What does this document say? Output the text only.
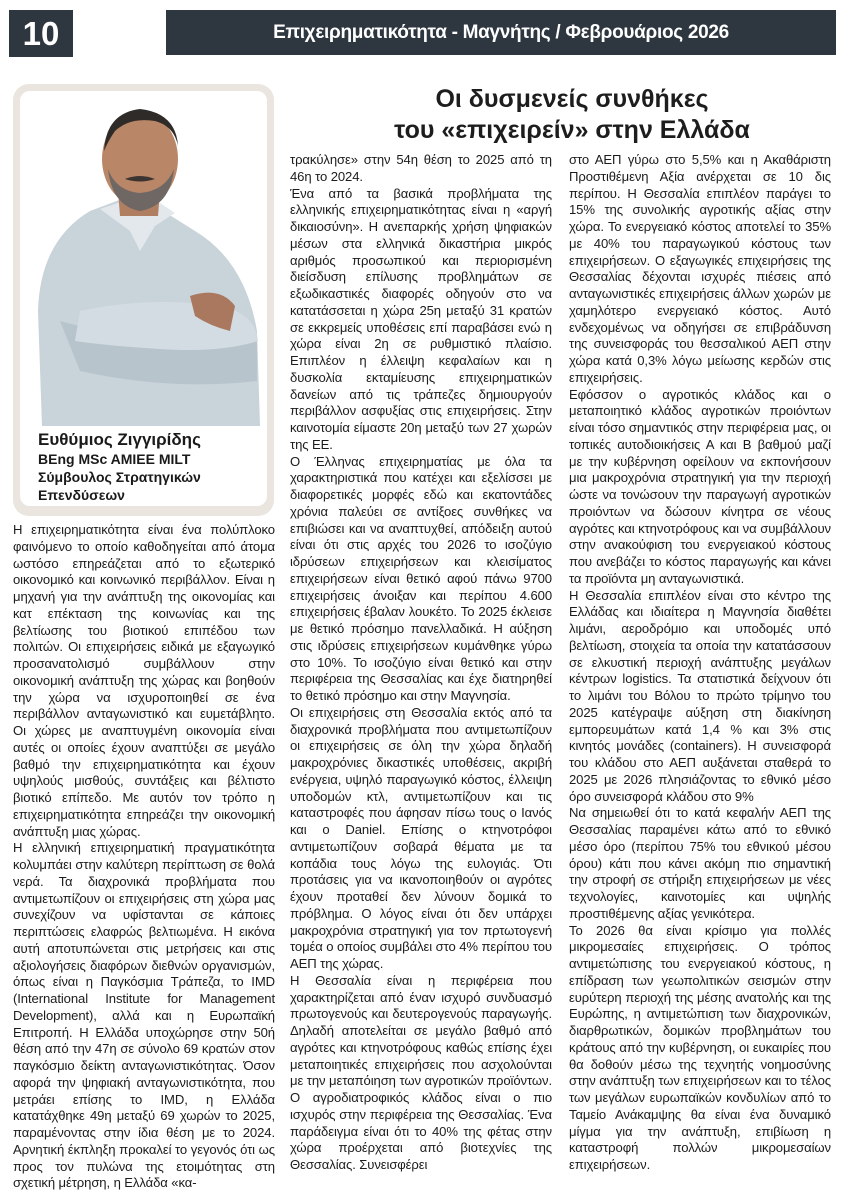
10	Επιχειρηματικότητα - Μαγνήτης / Φεβρουάριος 2026
Ευθύμιος Ζιγγιρίδης
BEng MSc AMIEE MILT
Σύμβουλος Στρατηγικών
Επενδύσεων
Οι δυσμενείς συνθήκες
του «επιχειρείν» στην Ελλάδα

Η επιχειρηματικότητα είναι ένα πολύπλοκο φαινόμενο το οποίο καθοδηγείται από άτομα ωστόσο επηρεάζεται από το εξωτερικό οικονομικό και κοινωνικό περιβάλλον. Είναι η μηχανή για την ανάπτυξη της οικονομίας και κατ επέκταση της κοινωνίας και της βελτίωσης του βιοτικού επιπέδου των πολιτών. Οι επιχειρήσεις ειδικά με εξαγωγικό προσανατολισμό συμβάλλουν στην οικονομική ανάπτυξη της χώρας και βοηθούν την χώρα να ισχυροποιηθεί σε ένα περιβάλλον ανταγωνιστικό και ευμετάβλητο. Οι χώρες με αναπτυγμένη οικονομία είναι αυτές οι οποίες έχουν αναπτύξει σε μεγάλο βαθμό την επιχειρηματικότητα και έχουν υψηλούς μισθούς, συντάξεις και βέλτιστο βιοτικό επίπεδο. Με αυτόν τον τρόπο η επιχειρηματικότητα επηρεάζει την οικονομική ανάπτυξη μιας χώρας.

Η ελληνική επιχειρηματική πραγματικότητα κολυμπάει στην καλύτερη περίπτωση σε θολά νερά. Τα διαχρονικά προβλήματα που αντιμετωπίζουν οι επιχειρήσεις στη χώρα μας συνεχίζουν να υφίστανται σε κάποιες περιπτώσεις ελαφρώς βελτιωμένα. Η εικόνα αυτή αποτυπώνεται στις μετρήσεις και στις αξιολογήσεις διαφόρων διεθνών οργανισμών, όπως είναι η Παγκόσμια Τράπεζα, το IMD (International Institute for Management Development), αλλά και η Ευρωπαϊκή Επιτροπή. Η Ελλάδα υποχώρησε στην 50ή θέση από την 47η σε σύνολο 69 κρατών στον παγκόσμιο δείκτη ανταγωνιστικότητας. Όσον αφορά την ψηφιακή ανταγωνιστικότητα, που μετράει επίσης το IMD, η Ελλάδα κατατάχθηκε 49η μεταξύ 69 χωρών το 2025, παραμένοντας στην ίδια θέση με το 2024. Αρνητική έκπληξη προκαλεί το γεγονός ότι ως προς τον πυλώνα της ετοιμότητας στη σχετική μέτρηση, η Ελλάδα «κα-

τρακύλησε» στην 54η θέση το 2025 από τη 46η το 2024.

Ένα από τα βασικά προβλήματα της ελληνικής επιχειρηματικότητας είναι η «αργή δικαιοσύνη». Η ανεπαρκής χρήση ψηφιακών μέσων στα ελληνικά δικαστήρια μικρός αριθμός προσωπικού και περιορισμένη διείσδυση επίλυσης προβλημάτων σε εξωδικαστικές διαφορές οδηγούν στο να κατατάσσεται η χώρα 25η μεταξύ 31 κρατών σε εκκρεμείς υποθέσεις επί παραβάσει ενώ η χώρα είναι 2η σε ρυθμιστικό πλαίσιο. Επιπλέον η έλλειψη κεφαλαίων και η δυσκολία εκταμίευσης επιχειρηματικών δανείων από τις τράπεζες δημιουργούν περιβάλλον ασφυξίας στις επιχειρήσεις. Στην καινοτομία είμαστε 20η μεταξύ των 27 χωρών της ΕΕ.

Ο Έλληνας επιχειρηματίας με όλα τα χαρακτηριστικά που κατέχει και εξελίσσει με διαφορετικές μορφές εδώ και εκατοντάδες χρόνια παλεύει σε αντίξοες συνθήκες να επιβιώσει και να αναπτυχθεί, απόδειξη αυτού είναι ότι στις αρχές του 2026 το ισοζύγιο ιδρύσεων επιχειρήσεων και κλεισίματος επιχειρήσεων είναι θετικό αφού πάνω 9700 επιχειρήσεις άνοιξαν και περίπου 4.600 επιχειρήσεις έβαλαν λουκέτο. Το 2025 έκλεισε με θετικό πρόσημο πανελλαδικά. Η αύξηση στις ιδρύσεις επιχειρήσεων κυμάνθηκε γύρω στο 10%. Το ισοζύγιο είναι θετικό και στην περιφέρεια της Θεσσαλίας και έχε διατηρηθεί το θετικό πρόσημο και στην Μαγνησία.

Οι επιχειρήσεις στη Θεσσαλία εκτός από τα διαχρονικά προβλήματα που αντιμετωπίζουν οι επιχειρήσεις σε όλη την χώρα δηλαδή μακροχρόνιες δικαστικές υποθέσεις, ακριβή ενέργεια, υψηλό παραγωγικό κόστος, έλλειψη υποδομών κτλ, αντιμετωπίζουν και τις καταστροφές που άφησαν πίσω τους ο Ιανός και ο Daniel. Επίσης ο κτηνοτρόφοι αντιμετωπίζουν σοβαρά θέματα με τα κοπάδια τους λόγω της ευλογιάς. Ότι προτάσεις για να ικανοποιηθούν οι αγρότες έχουν προταθεί δεν λύνουν δομικά το πρόβλημα. Ο λόγος είναι ότι δεν υπάρχει μακροχρόνια στρατηγική για τον πρτωτογενή τομέα ο οποίος συμβάλει στο 4% περίπου του ΑΕΠ της χώρας.

Η Θεσσαλία είναι η περιφέρεια που χαρακτηρίζεται από έναν ισχυρό συνδυασμό πρωτογενούς και δευτερογενούς παραγωγής. Δηλαδή αποτελείται σε μεγάλο βαθμό από αγρότες και κτηνοτρόφους καθώς επίσης έχει μεταποιητικές επιχειρήσεις που ασχολούνται με την μεταπόιηση των αγροτικών προϊόντων. Ο αγροδιατροφικός κλάδος είναι ο πιο ισχυρός στην περιφέρεια της Θεσσαλίας. Ένα παράδειγμα είναι ότι το 40% της φέτας στην χώρα προέρχεται από βιοτεχνίες της Θεσσαλίας. Συνεισφέρει

στο ΑΕΠ γύρω στο 5,5% και η Ακαθάριστη Προστιθέμενη Αξία ανέρχεται σε 10 δις περίπου. Η Θεσσαλία επιπλέον παράγει το 15% της συνολικής αγροτικής αξίας στην χώρα. Το ενεργειακό κόστος αποτελεί το 35% με 40% του παραγωγικού κόστους των επιχειρήσεων. Ο εξαγωγικές επιχειρήσεις της Θεσσαλίας δέχονται ισχυρές πιέσεις από ανταγωνιστικές επιχειρήσεις άλλων χωρών με χαμηλότερο ενεργειακό κόστος. Αυτό ενδεχομένως να οδηγήσει σε επιβράδυνση της συνεισφοράς του θεσσαλικού ΑΕΠ στην χώρα κατά 0,3% λόγω μείωσης κερδών στις επιχειρήσεις.

Εφόσσον ο αγροτικός κλάδος και ο μεταποιητικό κλάδος αγροτικών προιόντων είναι τόσο σημαντικός στην περιφέρεια μας, οι τοπικές αυτοδιοικήσεις Α και Β βαθμού μαζί με την κυβέρνηση οφείλουν να εκπονήσουν μια μακροχρόνια στρατηγική για την περιοχή ώστε να τονώσουν την παραγωγή αγροτικών προιόντων να δώσουν κίνητρα σε νέους αγρότες και κτηνοτρόφους και να συμβάλλουν στην ανακούφιση του ενεργειακού κόστους που ανεβάζει το κόστος παραγωγής και κάνει τα προϊόντα μη ανταγωνιστικά.

Η Θεσσαλία επιπλέον είναι στο κέντρο της Ελλάδας και ιδιαίτερα η Μαγνησία διαθέτει λιμάνι, αεροδρόμιο και υποδομές υπό βελτίωση, στοιχεία τα οποία την κατατάσσουν σε ελκυστική περιοχή ανάπτυξης μεγάλων κέντρων logistics. Τα στατιστικά δείχνουν ότι το λιμάνι του Βόλου το πρώτο τρίμηνο του 2025 κατέγραψε αύξηση στη διακίνηση εμπορευμάτων κατά 1,4 % και 3% στις κινητός μονάδες (containers). Η συνεισφορά του κλάδου στο ΑΕΠ αυξάνεται σταθερά το 2025 με 2026 πλησιάζοντας το εθνικό μέσο όρο συνεισφορά κλάδου στο 9%

Να σημειωθεί ότι το κατά κεφαλήν ΑΕΠ της Θεσσαλίας παραμένει κάτω από το εθνικό μέσο όρο (περίπου 75% του εθνικού μέσου όρου) κάτι που κάνει ακόμη πιο σημαντική την στροφή σε στήριξη επιχειρήσεων με νέες τεχνολογίες, καινοτομίες και υψηλής προστιθέμενης αξίας γενικότερα.

Το 2026 θα είναι κρίσιμο για πολλές μικρομεσαίες επιχειρήσεις. Ο τρόπος αντιμετώπισης του ενεργειακού κόστους, η επίδραση των γεωπολιτικών σεισμών στην ευρύτερη περιοχή της μέσης ανατολής και της Ευρώπης, η αντιμετώπιση των διαχρονικών, διαρθρωτικών, δομικών προβλημάτων του κράτους από την κυβέρνηση, οι ευκαιρίες που θα δοθούν μέσω της τεχνητής νοημοσύνης στην ανάπτυξη των επιχειρήσεων και το τέλος των μεγάλων ευρωπαϊκών κονδυλίων από το Ταμείο Ανάκαμψης θα είναι ένα δυναμικό μίγμα για την ανάπτυξη, επιβίωση η καταστροφή πολλών μικρομεσαίων επιχειρήσεων.
